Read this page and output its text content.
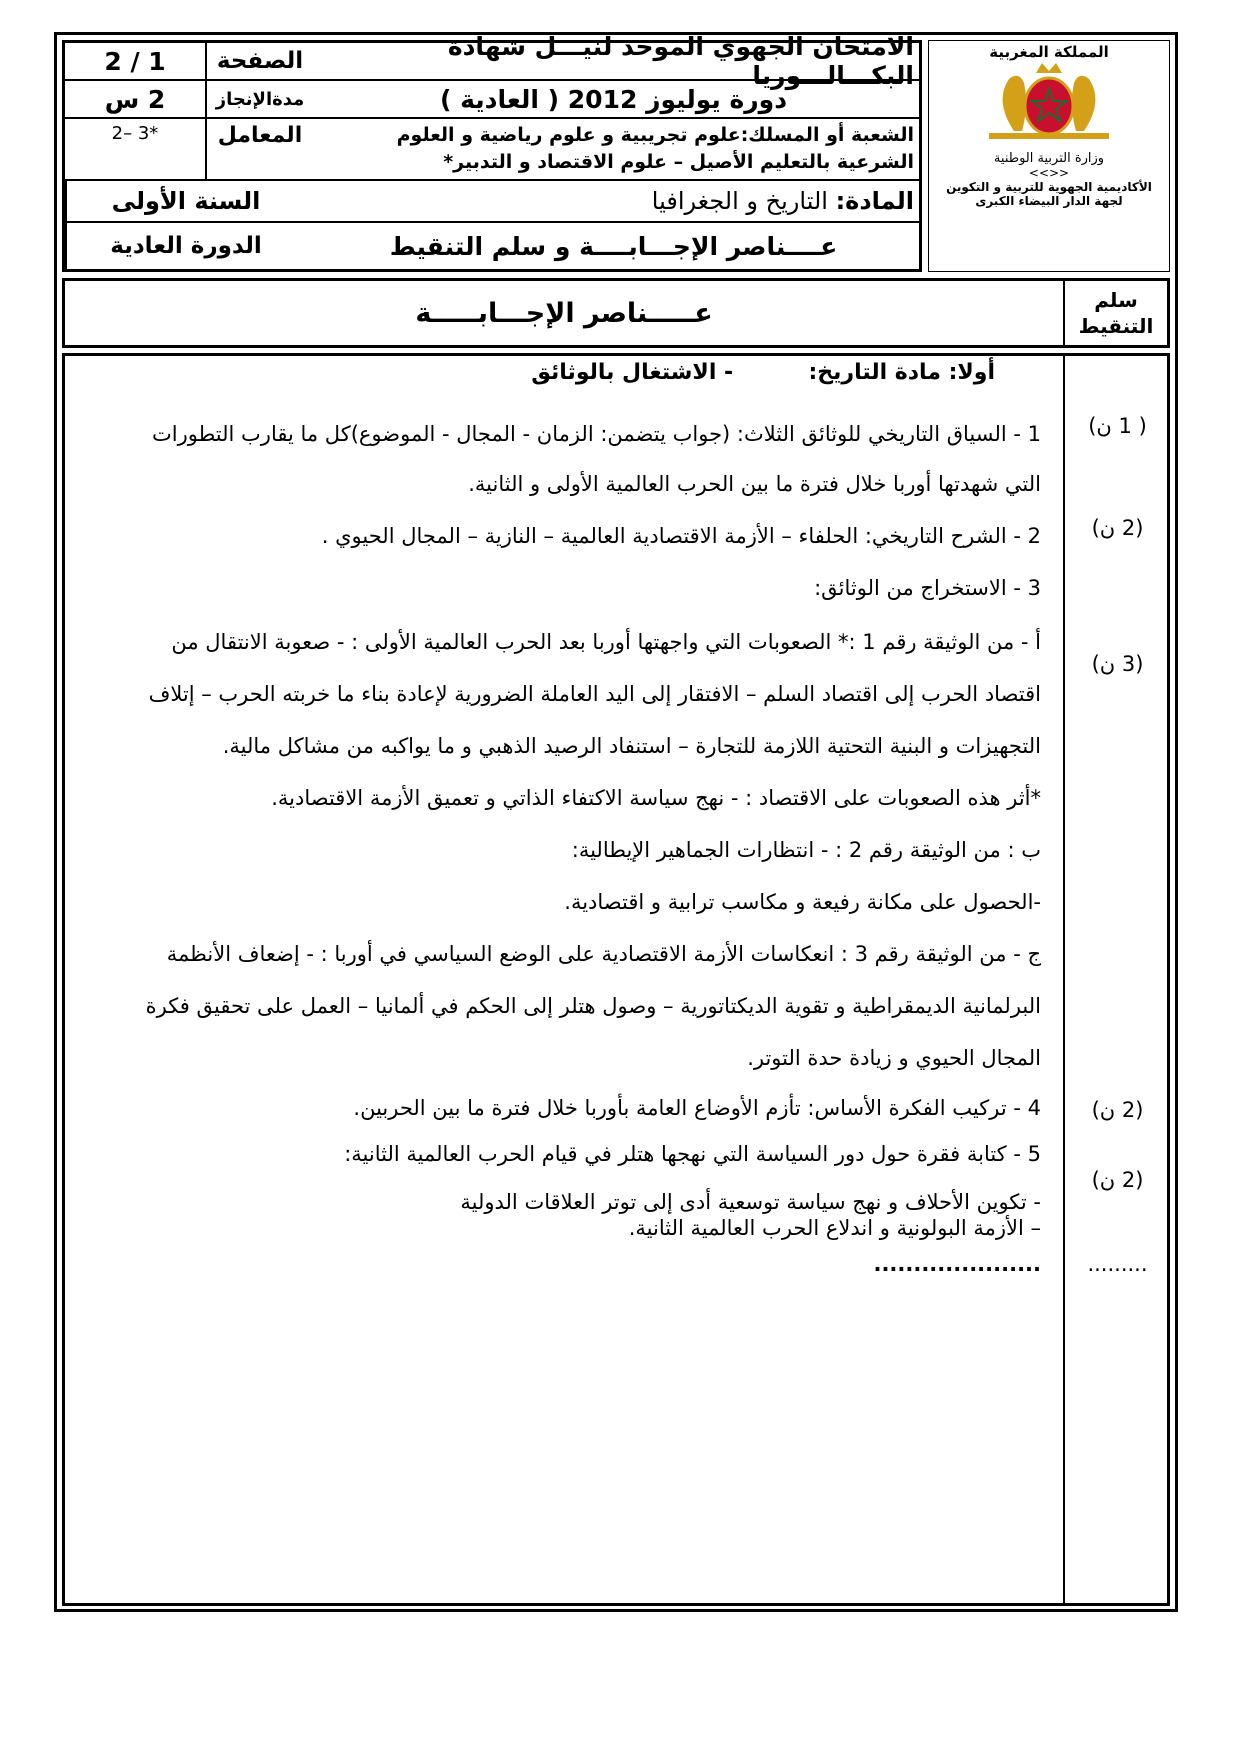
الامتحان الجهوي الموحد لنيـــل شهادة البكـــالـــوريا
الصفحة
1 / 2
دورة يوليوز 2012 ( العادية )
مدةالإنجاز
2 س
الشعبة أو المسلك:علوم تجريبية و علوم رياضية و العلوم
الشرعية بالتعليم الأصيل – علوم الاقتصاد و التدبير*
المعامل
2– 3*
المادة:

التاريخ و الجغرافيا
السنة الأولى
عــــناصر الإجـــابــــة و سلم التنقيط
الدورة العادية
المملكة المغربية
وزارة التربية الوطنية
<<>>
الأكاديمية الجهوية للتربية و التكوين
لجهة الدار البيضاء الكبرى
عـــــناصر الإجـــابـــــة	سلم التنقيط
أولا: مادة التاريخ:  - الاشتغال بالوثائق
1 - السياق التاريخي للوثائق الثلاث: (جواب يتضمن: الزمان - المجال - الموضوع)كل ما يقارب التطورات
التي شهدتها أوربا خلال فترة ما بين الحرب العالمية الأولى و الثانية.
2 - الشرح التاريخي: الحلفاء – الأزمة الاقتصادية العالمية – النازية – المجال الحيوي .
3 - الاستخراج من الوثائق:
أ - من الوثيقة رقم 1 :* الصعوبات التي واجهتها أوربا بعد الحرب العالمية الأولى : - صعوبة الانتقال من
اقتصاد الحرب إلى اقتصاد السلم – الافتقار إلى اليد العاملة الضرورية لإعادة بناء ما خربته الحرب – إتلاف
التجهيزات و البنية التحتية اللازمة للتجارة – استنفاد الرصيد الذهبي و ما يواكبه من مشاكل مالية.
*أثر هذه الصعوبات على الاقتصاد : - نهج سياسة الاكتفاء الذاتي و تعميق الأزمة الاقتصادية.
ب : من الوثيقة رقم 2 : - انتظارات الجماهير الإيطالية:
-الحصول على مكانة رفيعة و مكاسب ترابية و اقتصادية.
ج - من الوثيقة رقم 3 : انعكاسات الأزمة الاقتصادية على الوضع السياسي في أوربا : - إضعاف الأنظمة
البرلمانية الديمقراطية و تقوية الديكتاتورية – وصول هتلر إلى الحكم في ألمانيا – العمل على تحقيق فكرة
المجال الحيوي و زيادة حدة التوتر.
4 - تركيب الفكرة الأساس: تأزم الأوضاع العامة بأوربا خلال فترة ما بين الحربين.
5 - كتابة فقرة حول دور السياسة التي نهجها هتلر في قيام الحرب العالمية الثانية:
- تكوين الأحلاف و نهج سياسة توسعية أدى إلى توتر العلاقات الدولية
– الأزمة البولونية و اندلاع الحرب العالمية الثانية.
.....................
( 1 ن)
(2 ن)
(3 ن)
(2 ن)
(2 ن)
.........
